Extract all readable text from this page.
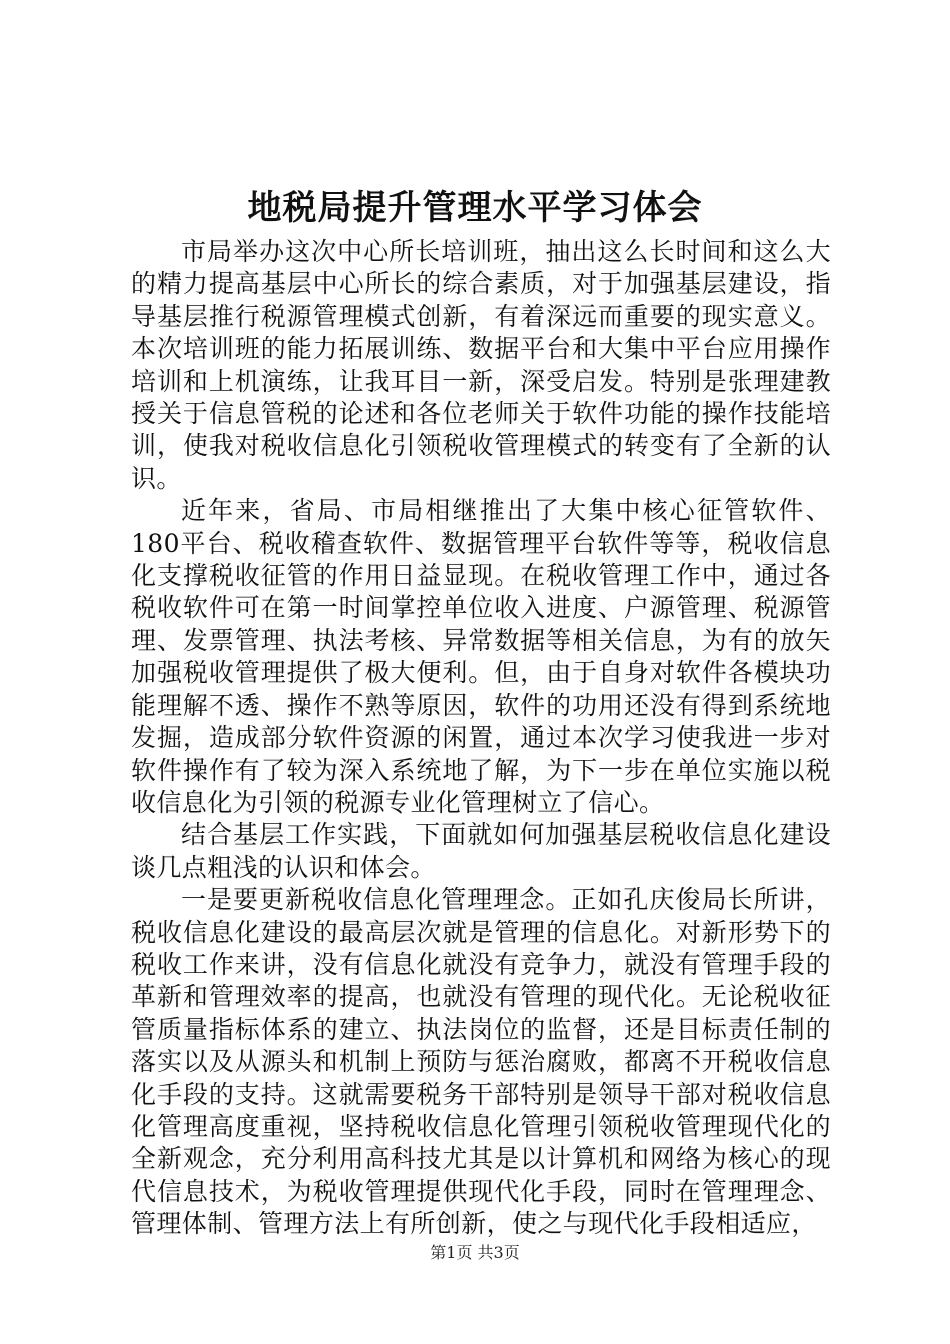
地税局提升管理水平学习体会

市局举办这次中心所长培训班，抽出这么长时间和这么大的精力提高基层中心所长的综合素质，对于加强基层建设，指导基层推行税源管理模式创新，有着深远而重要的现实意义。本次培训班的能力拓展训练、数据平台和大集中平台应用操作培训和上机演练，让我耳目一新，深受启发。特别是张理建教授关于信息管税的论述和各位老师关于软件功能的操作技能培训，使我对税收信息化引领税收管理模式的转变有了全新的认识。

近年来，省局、市局相继推出了大集中核心征管软件、180平台、税收稽查软件、数据管理平台软件等等，税收信息化支撑税收征管的作用日益显现。在税收管理工作中，通过各税收软件可在第一时间掌控单位收入进度、户源管理、税源管理、发票管理、执法考核、异常数据等相关信息，为有的放矢加强税收管理提供了极大便利。但，由于自身对软件各模块功能理解不透、操作不熟等原因，软件的功用还没有得到系统地发掘，造成部分软件资源的闲置，通过本次学习使我进一步对软件操作有了较为深入系统地了解，为下一步在单位实施以税收信息化为引领的税源专业化管理树立了信心。

结合基层工作实践，下面就如何加强基层税收信息化建设谈几点粗浅的认识和体会。

一是要更新税收信息化管理理念。正如孔庆俊局长所讲，税收信息化建设的最高层次就是管理的信息化。对新形势下的税收工作来讲，没有信息化就没有竞争力，就没有管理手段的革新和管理效率的提高，也就没有管理的现代化。无论税收征管质量指标体系的建立、执法岗位的监督，还是目标责任制的落实以及从源头和机制上预防与惩治腐败，都离不开税收信息化手段的支持。这就需要税务干部特别是领导干部对税收信息化管理高度重视，坚持税收信息化管理引领税收管理现代化的全新观念，充分利用高科技尤其是以计算机和网络为核心的现代信息技术，为税收管理提供现代化手段，同时在管理理念、管理体制、管理方法上有所创新，使之与现代化手段相适应，

第1页 共3页
